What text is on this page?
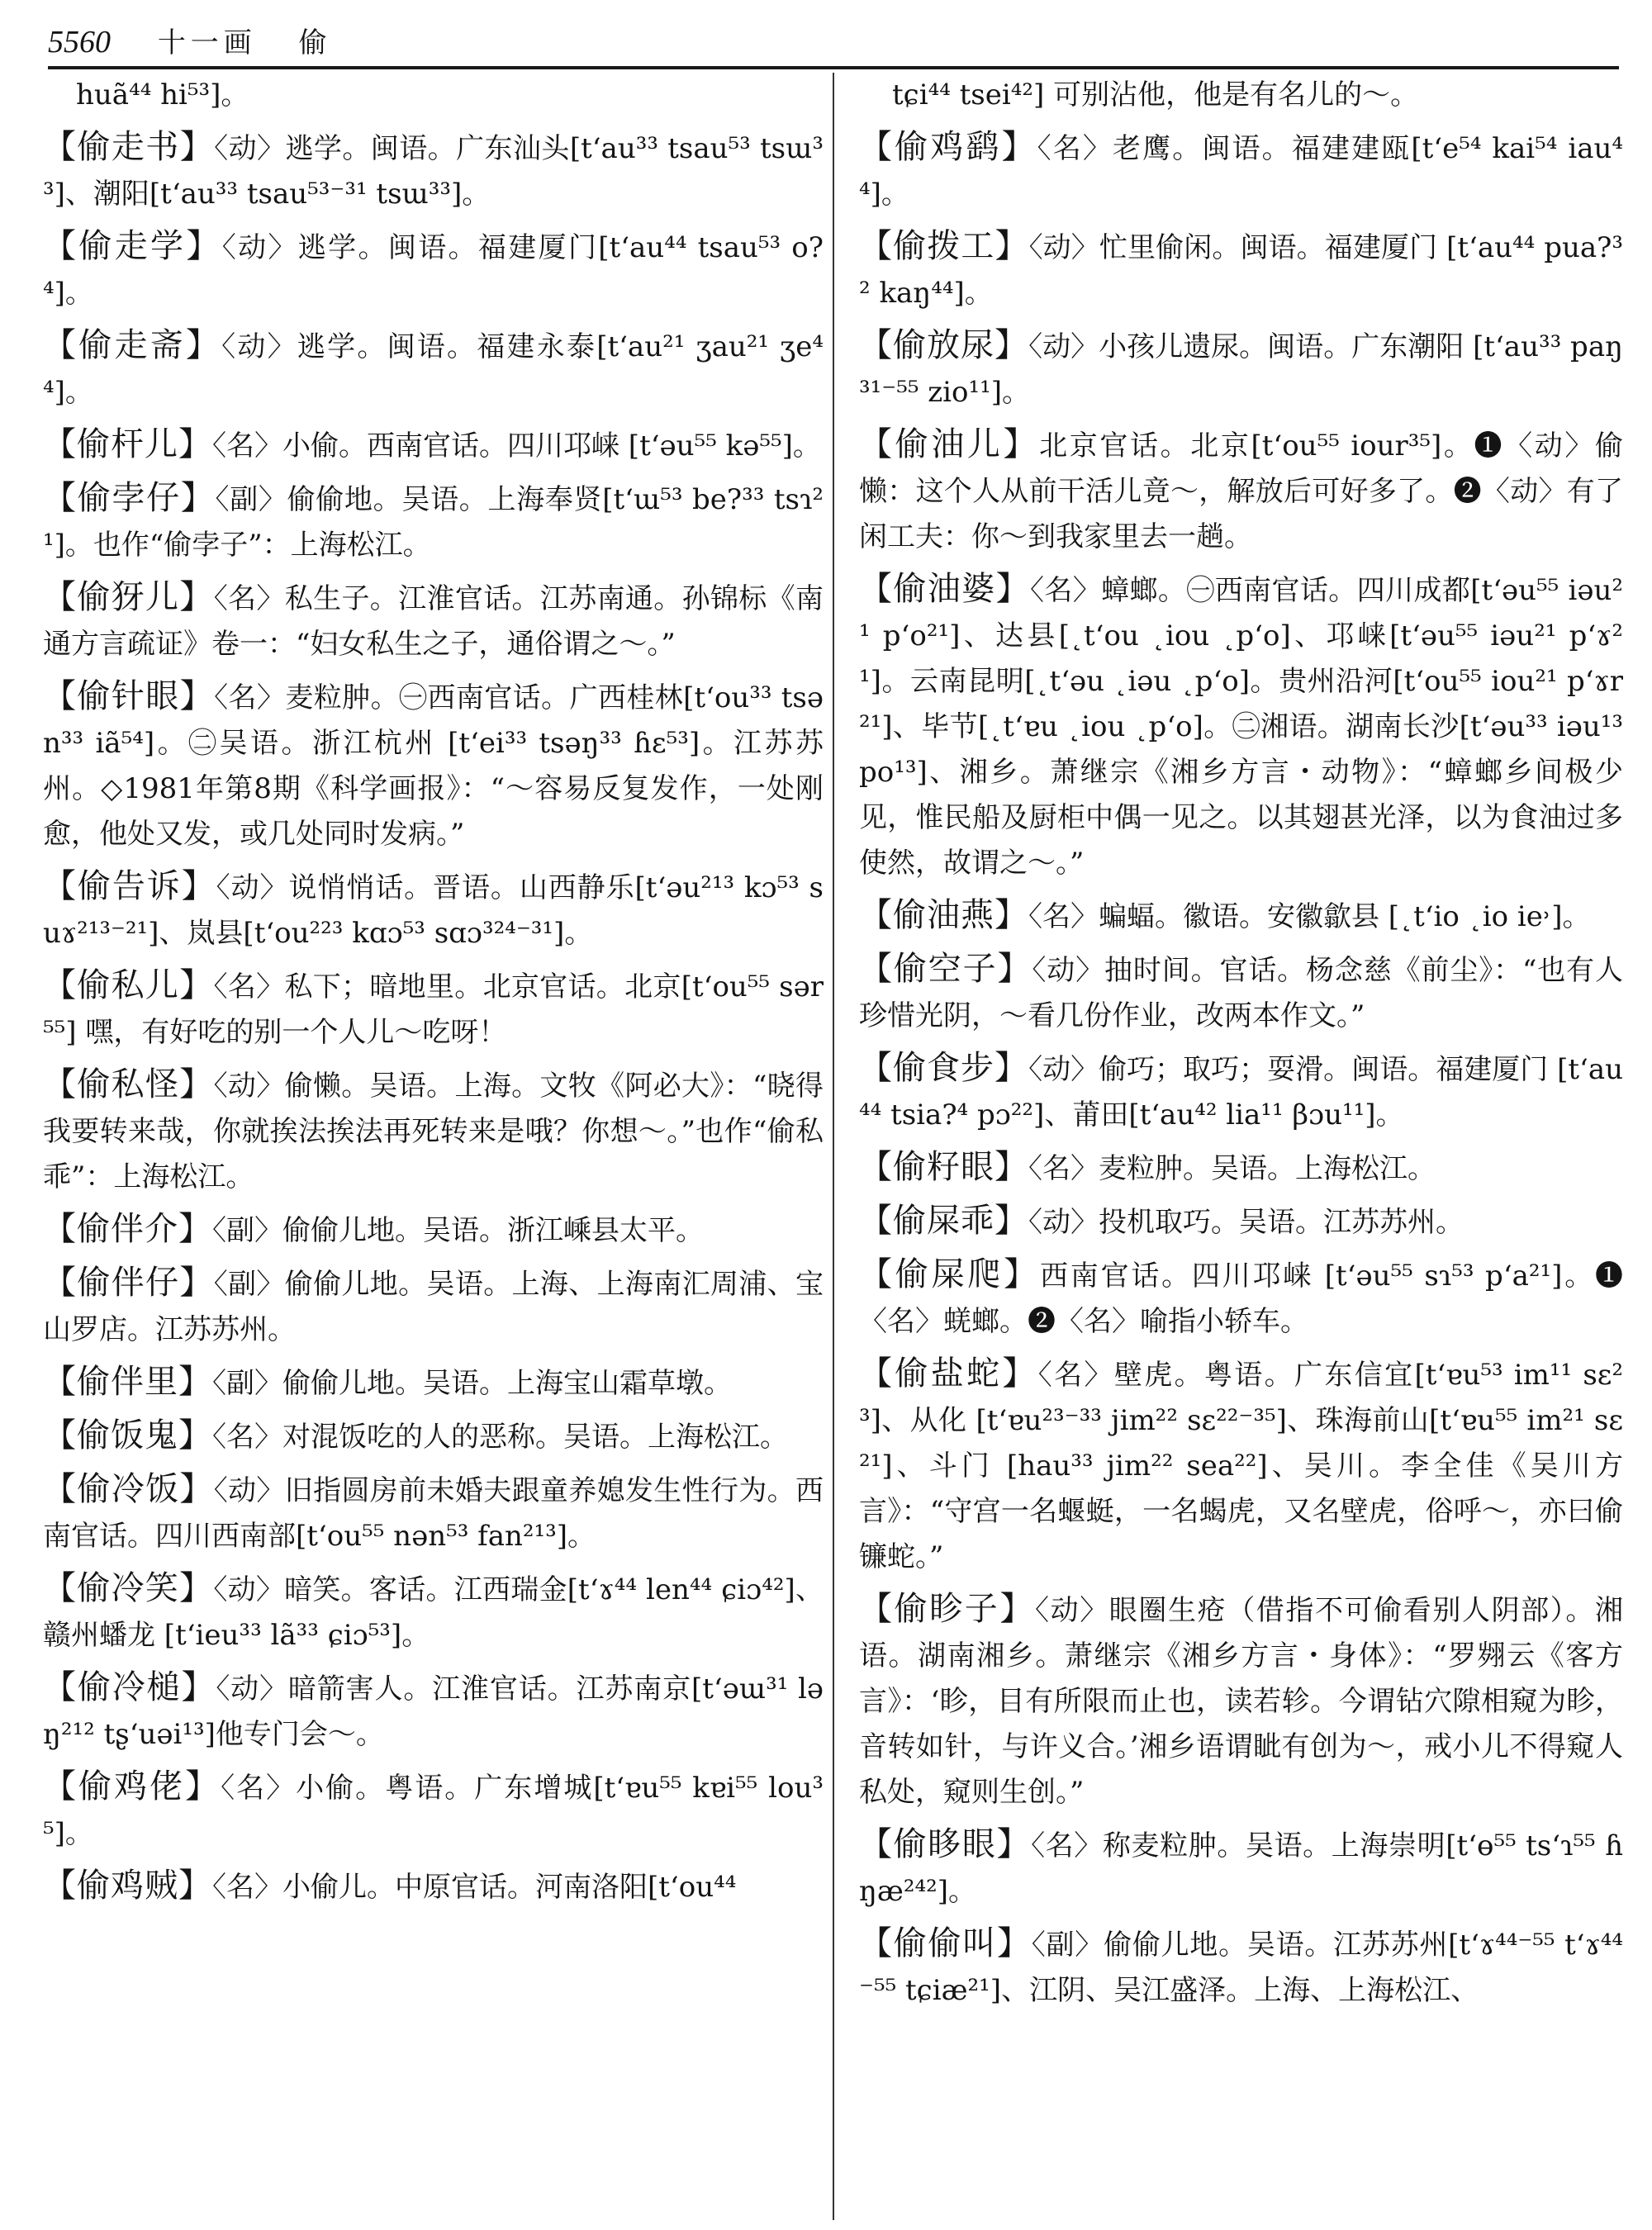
5560 十一画 偷

huã⁴⁴ hi⁵³]。

【偷走书】〈动〉逃学。闽语。广东汕头[t‘au³³ tsau⁵³ tsɯ³³]、潮阳[t‘au³³ tsau⁵³⁻³¹ tsɯ³³]。

【偷走学】〈动〉逃学。闽语。福建厦门[t‘au⁴⁴ tsau⁵³ o?⁴]。

【偷走斋】〈动〉逃学。闽语。福建永泰[t‘au²¹ ʒau²¹ ʒe⁴⁴]。

【偷杆儿】〈名〉小偷。西南官话。四川邛崃 [t‘əu⁵⁵ kə⁵⁵]。

【偷孛仔】〈副〉偷偷地。吴语。上海奉贤[t‘ɯ⁵³ be?³³ tsɿ²¹]。也作“偷孛子”：上海松江。

【偷犽儿】〈名〉私生子。江淮官话。江苏南通。孙锦标《南通方言疏证》卷一：“妇女私生之子，通俗谓之～。”

【偷针眼】〈名〉麦粒肿。㊀西南官话。广西桂林[t‘ou³³ tsən³³ iã⁵⁴]。㊁吴语。浙江杭州 [t‘ei³³ tsəŋ³³ ɦɛ⁵³]。江苏苏州。◇1981年第8期《科学画报》：“～容易反复发作，一处刚愈，他处又发，或几处同时发病。”

【偷告诉】〈动〉说悄悄话。晋语。山西静乐[t‘əu²¹³ kɔ⁵³ suɤ²¹³⁻²¹]、岚县[t‘ou²²³ kɑɔ⁵³ sɑɔ³²⁴⁻³¹]。

【偷私儿】〈名〉私下；暗地里。北京官话。北京[t‘ou⁵⁵ sər⁵⁵] 嘿，有好吃的别一个人儿～吃呀！

【偷私怪】〈动〉偷懒。吴语。上海。文牧《阿必大》：“晓得我要转来哉，你就挨法挨法再死转来是哦？你想～。”也作“偷私乖”：上海松江。

【偷伴介】〈副〉偷偷儿地。吴语。浙江嵊县太平。

【偷伴仔】〈副〉偷偷儿地。吴语。上海、上海南汇周浦、宝山罗店。江苏苏州。

【偷伴里】〈副〉偷偷儿地。吴语。上海宝山霜草墩。

【偷饭鬼】〈名〉对混饭吃的人的恶称。吴语。上海松江。

【偷冷饭】〈动〉旧指圆房前未婚夫跟童养媳发生性行为。西南官话。四川西南部[t‘ou⁵⁵ nən⁵³ fan²¹³]。

【偷冷笑】〈动〉暗笑。客话。江西瑞金[t‘ɤ⁴⁴ len⁴⁴ ɕiɔ⁴²]、赣州蟠龙 [t‘ieu³³ lã³³ ɕiɔ⁵³]。

【偷冷槌】〈动〉暗箭害人。江淮官话。江苏南京[t‘əɯ³¹ ləŋ²¹² tʂ‘uəi¹³]他专门会～。

【偷鸡佬】〈名〉小偷。粤语。广东增城[t‘ɐu⁵⁵ kɐi⁵⁵ lou³⁵]。

【偷鸡贼】〈名〉小偷儿。中原官话。河南洛阳[t‘ou⁴⁴

tɕi⁴⁴ tsei⁴²] 可别沾他，他是有名儿的～。

【偷鸡鹞】〈名〉老鹰。闽语。福建建瓯[t‘e⁵⁴ kai⁵⁴ iau⁴⁴]。

【偷拨工】〈动〉忙里偷闲。闽语。福建厦门 [t‘au⁴⁴ pua?³² kaŋ⁴⁴]。

【偷放尿】〈动〉小孩儿遗尿。闽语。广东潮阳 [t‘au³³ paŋ³¹⁻⁵⁵ zio¹¹]。

【偷油儿】北京官话。北京[t‘ou⁵⁵ iour³⁵]。❶〈动〉偷懒：这个人从前干活儿竟～，解放后可好多了。❷〈动〉有了闲工夫：你～到我家里去一趟。

【偷油婆】〈名〉蟑螂。㊀西南官话。四川成都[t‘əu⁵⁵ iəu²¹ p‘o²¹]、达县[˛t‘ou ˛iou ˛p‘o]、邛崃[t‘əu⁵⁵ iəu²¹ p‘ɤ²¹]。云南昆明[˛t‘əu ˛iəu ˛p‘o]。贵州沿河[t‘ou⁵⁵ iou²¹ p‘ɤr²¹]、毕节[˛t‘ɐu ˛iou ˛p‘o]。㊁湘语。湖南长沙[t‘əu³³ iəu¹³ po¹³]、湘乡。萧继宗《湘乡方言・动物》：“蟑螂乡间极少见，惟民船及厨柜中偶一见之。以其翅甚光泽，以为食油过多使然，故谓之～。”

【偷油燕】〈名〉蝙蝠。徽语。安徽歙县 [˛t‘io ˛io ie˒]。

【偷空子】〈动〉抽时间。官话。杨念慈《前尘》：“也有人珍惜光阴，～看几份作业，改两本作文。”

【偷食步】〈动〉偷巧；取巧；耍滑。闽语。福建厦门 [t‘au⁴⁴ tsia?⁴ pɔ²²]、莆田[t‘au⁴² lia¹¹ βɔu¹¹]。

【偷籽眼】〈名〉麦粒肿。吴语。上海松江。

【偷屎乖】〈动〉投机取巧。吴语。江苏苏州。

【偷屎爬】西南官话。四川邛崃 [t‘əu⁵⁵ sɿ⁵³ p‘a²¹]。❶〈名〉蜣螂。❷〈名〉喻指小轿车。

【偷盐蛇】〈名〉壁虎。粤语。广东信宜[t‘ɐu⁵³ im¹¹ sɛ²³]、从化 [t‘ɐu²³⁻³³ jim²² sɛ²²⁻³⁵]、珠海前山[t‘ɐu⁵⁵ im²¹ sɛ²¹]、斗门 [hau³³ jim²² sea²²]、吴川。李全佳《吴川方言》：“守宫一名蝘蜓，一名蝎虎，又名壁虎，俗呼～，亦曰偷镰蛇。”

【偷眕子】〈动〉眼圈生疮（借指不可偷看别人阴部）。湘语。湖南湘乡。萧继宗《湘乡方言・身体》：“罗翙云《客方言》：‘眕，目有所限而止也，读若轸。今谓钻穴隙相窥为眕，音转如针，与许义合。’湘乡语谓眦有创为～，戒小儿不得窥人私处，窥则生创。”

【偷眵眼】〈名〉称麦粒肿。吴语。上海崇明[t‘ɵ⁵⁵ ts‘ɿ⁵⁵ ɦŋæ²⁴²]。

【偷偷叫】〈副〉偷偷儿地。吴语。江苏苏州[t‘ɤ⁴⁴⁻⁵⁵ t‘ɤ⁴⁴⁻⁵⁵ tɕiæ²¹]、江阴、吴江盛泽。上海、上海松江、
